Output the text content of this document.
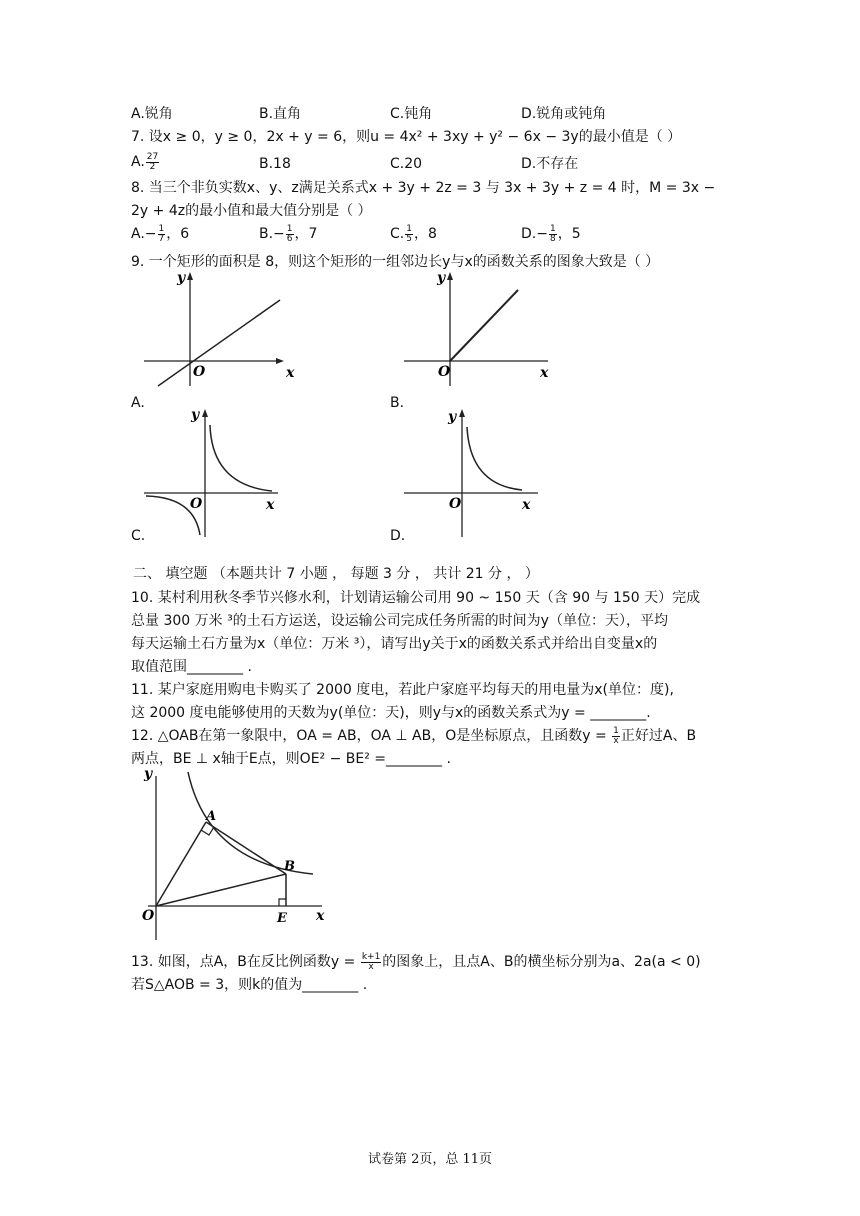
A.锐角	B.直角	C.钝角	D.锐角或钝角
7. 设x ≥ 0，y ≥ 0，2x + y = 6，则u = 4x² + 3xy + y² − 6x − 3y的最小值是（ ）
A. $\frac{27}{2}$	B.18	C.20	D.不存在
8. 当三个非负实数x、y、z满足关系式x + 3y + 2z = 3 与 3x + 3y + z = 4 时，M = 3x −
2y + 4z的最小值和最大值分别是（ ）
$A.- \frac{1}{7}$ ，6	$B.- \frac{1}{6}$ ，7	C. $\frac{1}{5}$ ，8	$D.- \frac{1}{8}$ ，5
9. 一个矩形的面积是 8，则这个矩形的一组邻边长y与x的函数关系的图象大致是（ ）
y
x
O
A.
y
x
O
B.
y
x
O
C.
y
x
O
D.
二、 填空题 （本题共计 7 小题 ， 每题 3 分 ， 共计 21 分 ， ）
10. 某村利用秋冬季节兴修水利，计划请运输公司用 90 ~ 150 天（含 90 与 150 天）完成
总量 300 万米 ³的土石方运送，设运输公司完成任务所需的时间为y（单位：天），平均
每天运输土石方量为x（单位：万米 ³），请写出y关于x的函数关系式并给出自变量x的
取值范围________ .
11. 某户家庭用购电卡购买了 2000 度电，若此户家庭平均每天的用电量为x(单位：度),
这 2000 度电能够使用的天数为y(单位：天)，则y与x的函数关系式为y = ________.
12. △OAB在第一象限中，OA = AB，OA ⊥ AB，O是坐标原点，且函数$y = \frac{1}{x}$ 正好过A、B
两点，BE ⊥ x轴于E点，则OE² − BE² =________ .
y
x
O
A
B
E
13. 如图，点A，B在反比例函数$y = \frac{k+1}{x}$ 的图象上，且点A、B的横坐标分别为a、2a(a < 0)
若S△AOB = 3，则k的值为________ .
试卷第 2页，总 11页
